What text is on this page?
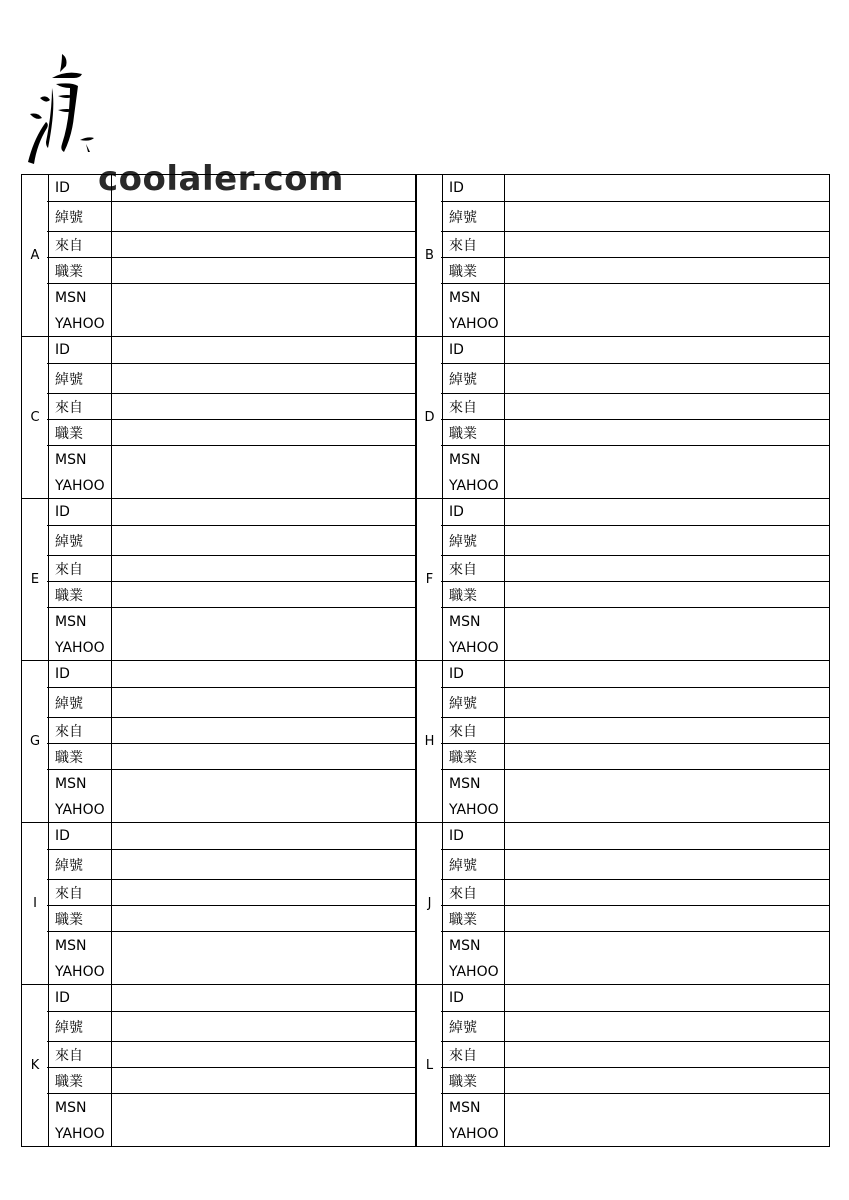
coolaler.com
A
ID
綽號
來自
職業
MSN
YAHOO
B
ID
綽號
來自
職業
MSN
YAHOO
C
ID
綽號
來自
職業
MSN
YAHOO
D
ID
綽號
來自
職業
MSN
YAHOO
E
ID
綽號
來自
職業
MSN
YAHOO
F
ID
綽號
來自
職業
MSN
YAHOO
G
ID
綽號
來自
職業
MSN
YAHOO
H
ID
綽號
來自
職業
MSN
YAHOO
I
ID
綽號
來自
職業
MSN
YAHOO
J
ID
綽號
來自
職業
MSN
YAHOO
K
ID
綽號
來自
職業
MSN
YAHOO
L
ID
綽號
來自
職業
MSN
YAHOO
